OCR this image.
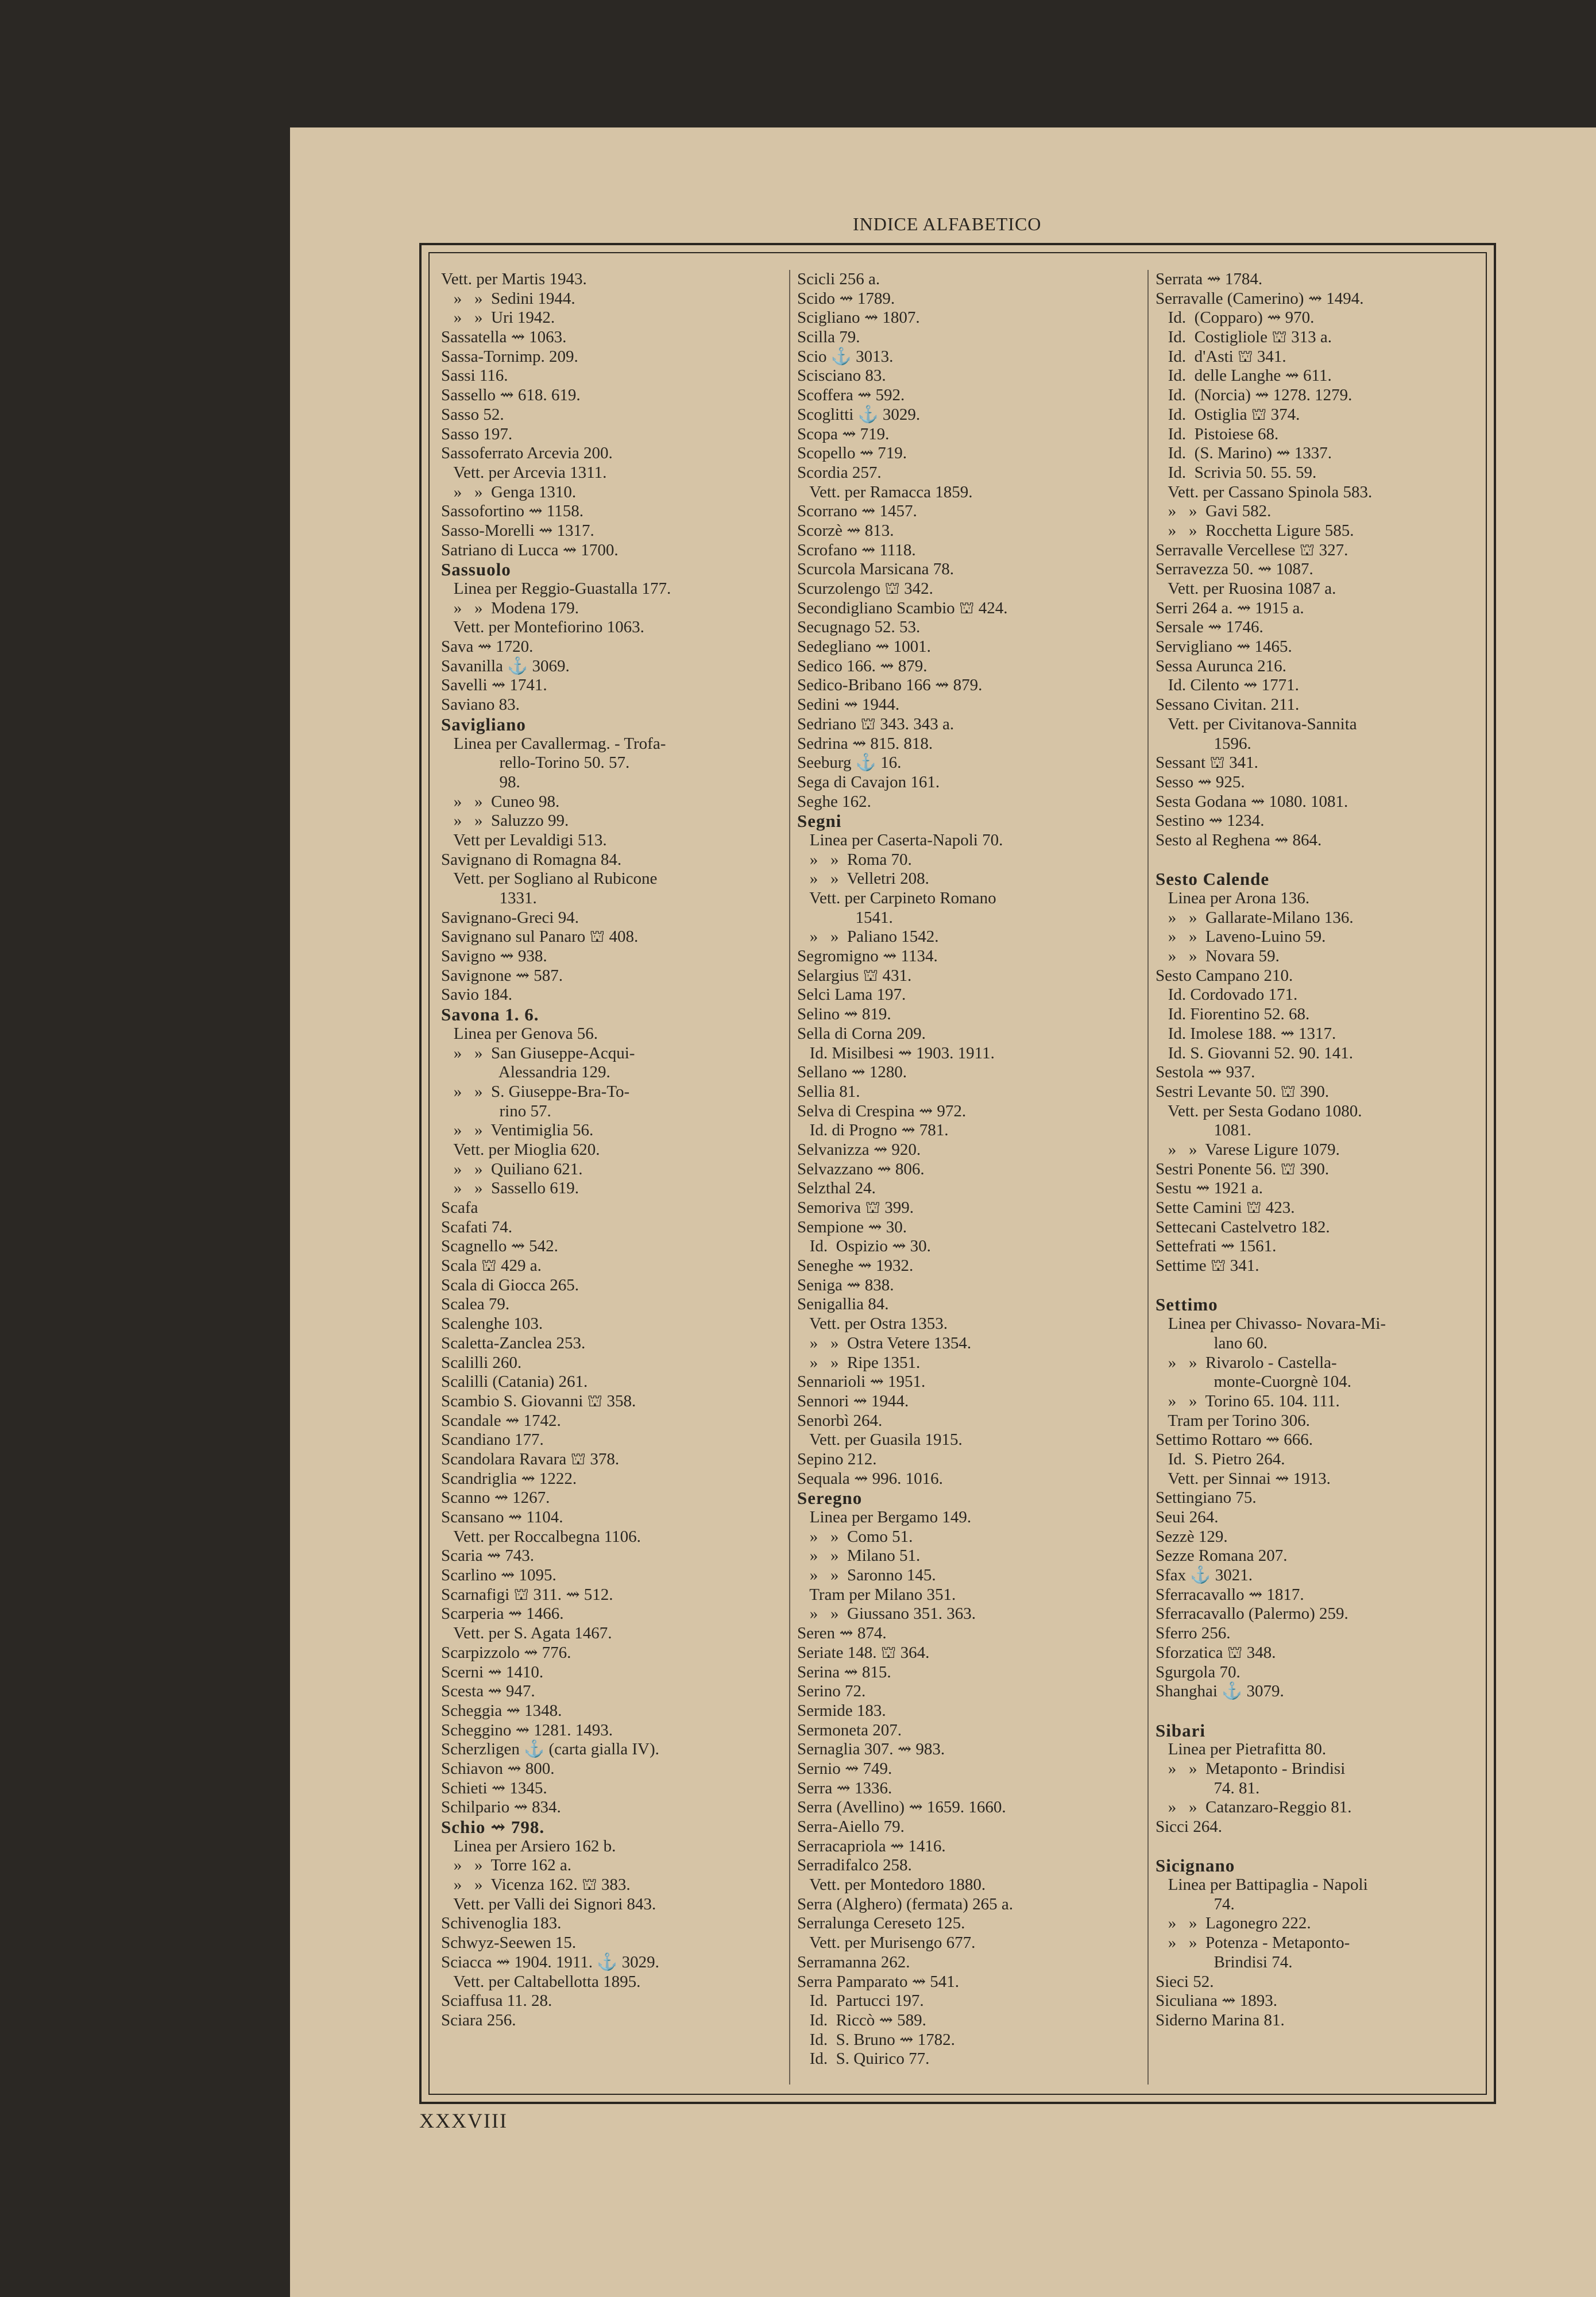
INDICE ALFABETICO
Vett. per Martis 1943.
»   »  Sedini 1944.
»   »  Uri 1942.
Sassatella ⇝ 1063.
Sassa-Tornimp. 209.
Sassi 116.
Sassello ⇝ 618. 619.
Sasso 52.
Sasso 197.
Sassoferrato Arcevia 200.
Vett. per Arcevia 1311.
»   »  Genga 1310.
Sassofortino ⇝ 1158.
Sasso-Morelli ⇝ 1317.
Satriano di Lucca ⇝ 1700.
Sassuolo
Linea per Reggio-Guastalla 177.
»   »  Modena 179.
Vett. per Montefiorino 1063.
Sava ⇝ 1720.
Savanilla ⚓ 3069.
Savelli ⇝ 1741.
Saviano 83.
Savigliano
Linea per Cavallermag. - Trofa-
rello-Torino 50. 57.
98.
»   »  Cuneo 98.
»   »  Saluzzo 99.
Vett per Levaldigi 513.
Savignano di Romagna 84.
Vett. per Sogliano al Rubicone
1331.
Savignano-Greci 94.
Savignano sul Panaro ⛫ 408.
Savigno ⇝ 938.
Savignone ⇝ 587.
Savio 184.
Savona 1. 6.
Linea per Genova 56.
»   »  San Giuseppe-Acqui-
Alessandria 129.
»   »  S. Giuseppe-Bra-To-
rino 57.
»   »  Ventimiglia 56.
Vett. per Mioglia 620.
»   »  Quiliano 621.
»   »  Sassello 619.
Scafa
Scafati 74.
Scagnello ⇝ 542.
Scala ⛫ 429 a.
Scala di Giocca 265.
Scalea 79.
Scalenghe 103.
Scaletta-Zanclea 253.
Scalilli 260.
Scalilli (Catania) 261.
Scambio S. Giovanni ⛫ 358.
Scandale ⇝ 1742.
Scandiano 177.
Scandolara Ravara ⛫ 378.
Scandriglia ⇝ 1222.
Scanno ⇝ 1267.
Scansano ⇝ 1104.
Vett. per Roccalbegna 1106.
Scaria ⇝ 743.
Scarlino ⇝ 1095.
Scarnafigi ⛫ 311. ⇝ 512.
Scarperia ⇝ 1466.
Vett. per S. Agata 1467.
Scarpizzolo ⇝ 776.
Scerni ⇝ 1410.
Scesta ⇝ 947.
Scheggia ⇝ 1348.
Scheggino ⇝ 1281. 1493.
Scherzligen ⚓ (carta gialla IV).
Schiavon ⇝ 800.
Schieti ⇝ 1345.
Schilpario ⇝ 834.
Schio ⇝ 798.
Linea per Arsiero 162 b.
»   »  Torre 162 a.
»   »  Vicenza 162. ⛫ 383.
Vett. per Valli dei Signori 843.
Schivenoglia 183.
Schwyz-Seewen 15.
Sciacca ⇝ 1904. 1911. ⚓ 3029.
Vett. per Caltabellotta 1895.
Sciaffusa 11. 28.
Sciara 256.
Scicli 256 a.
Scido ⇝ 1789.
Scigliano ⇝ 1807.
Scilla 79.
Scio ⚓ 3013.
Scisciano 83.
Scoffera ⇝ 592.
Scoglitti ⚓ 3029.
Scopa ⇝ 719.
Scopello ⇝ 719.
Scordia 257.
Vett. per Ramacca 1859.
Scorrano ⇝ 1457.
Scorzè ⇝ 813.
Scrofano ⇝ 1118.
Scurcola Marsicana 78.
Scurzolengo ⛫ 342.
Secondigliano Scambio ⛫ 424.
Secugnago 52. 53.
Sedegliano ⇝ 1001.
Sedico 166. ⇝ 879.
Sedico-Bribano 166 ⇝ 879.
Sedini ⇝ 1944.
Sedriano ⛫ 343. 343 a.
Sedrina ⇝ 815. 818.
Seeburg ⚓ 16.
Sega di Cavajon 161.
Seghe 162.
Segni
Linea per Caserta-Napoli 70.
»   »  Roma 70.
»   »  Velletri 208.
Vett. per Carpineto Romano
1541.
»   »  Paliano 1542.
Segromigno ⇝ 1134.
Selargius ⛫ 431.
Selci Lama 197.
Selino ⇝ 819.
Sella di Corna 209.
Id. Misilbesi ⇝ 1903. 1911.
Sellano ⇝ 1280.
Sellia 81.
Selva di Crespina ⇝ 972.
Id. di Progno ⇝ 781.
Selvanizza ⇝ 920.
Selvazzano ⇝ 806.
Selzthal 24.
Semoriva ⛫ 399.
Sempione ⇝ 30.
Id.  Ospizio ⇝ 30.
Seneghe ⇝ 1932.
Seniga ⇝ 838.
Senigallia 84.
Vett. per Ostra 1353.
»   »  Ostra Vetere 1354.
»   »  Ripe 1351.
Sennarioli ⇝ 1951.
Sennori ⇝ 1944.
Senorbì 264.
Vett. per Guasila 1915.
Sepino 212.
Sequala ⇝ 996. 1016.
Seregno
Linea per Bergamo 149.
»   »  Como 51.
»   »  Milano 51.
»   »  Saronno 145.
Tram per Milano 351.
»   »  Giussano 351. 363.
Seren ⇝ 874.
Seriate 148. ⛫ 364.
Serina ⇝ 815.
Serino 72.
Sermide 183.
Sermoneta 207.
Sernaglia 307. ⇝ 983.
Sernio ⇝ 749.
Serra ⇝ 1336.
Serra (Avellino) ⇝ 1659. 1660.
Serra-Aiello 79.
Serracapriola ⇝ 1416.
Serradifalco 258.
Vett. per Montedoro 1880.
Serra (Alghero) (fermata) 265 a.
Serralunga Cereseto 125.
Vett. per Murisengo 677.
Serramanna 262.
Serra Pamparato ⇝ 541.
Id.  Partucci 197.
Id.  Riccò ⇝ 589.
Id.  S. Bruno ⇝ 1782.
Id.  S. Quirico 77.
Serrata ⇝ 1784.
Serravalle (Camerino) ⇝ 1494.
Id.  (Copparo) ⇝ 970.
Id.  Costigliole ⛫ 313 a.
Id.  d'Asti ⛫ 341.
Id.  delle Langhe ⇝ 611.
Id.  (Norcia) ⇝ 1278. 1279.
Id.  Ostiglia ⛫ 374.
Id.  Pistoiese 68.
Id.  (S. Marino) ⇝ 1337.
Id.  Scrivia 50. 55. 59.
Vett. per Cassano Spinola 583.
»   »  Gavi 582.
»   »  Rocchetta Ligure 585.
Serravalle Vercellese ⛫ 327.
Serravezza 50. ⇝ 1087.
Vett. per Ruosina 1087 a.
Serri 264 a. ⇝ 1915 a.
Sersale ⇝ 1746.
Servigliano ⇝ 1465.
Sessa Aurunca 216.
Id. Cilento ⇝ 1771.
Sessano Civitan. 211.
Vett. per Civitanova-Sannita
1596.
Sessant ⛫ 341.
Sesso ⇝ 925.
Sesta Godana ⇝ 1080. 1081.
Sestino ⇝ 1234.
Sesto al Reghena ⇝ 864.
Sesto Calende
Linea per Arona 136.
»   »  Gallarate-Milano 136.
»   »  Laveno-Luino 59.
»   »  Novara 59.
Sesto Campano 210.
Id. Cordovado 171.
Id. Fiorentino 52. 68.
Id. Imolese 188. ⇝ 1317.
Id. S. Giovanni 52. 90. 141.
Sestola ⇝ 937.
Sestri Levante 50. ⛫ 390.
Vett. per Sesta Godano 1080.
1081.
»   »  Varese Ligure 1079.
Sestri Ponente 56. ⛫ 390.
Sestu ⇝ 1921 a.
Sette Camini ⛫ 423.
Settecani Castelvetro 182.
Settefrati ⇝ 1561.
Settime ⛫ 341.
Settimo
Linea per Chivasso- Novara-Mi-
lano 60.
»   »  Rivarolo - Castella-
monte-Cuorgnè 104.
»   »  Torino 65. 104. 111.
Tram per Torino 306.
Settimo Rottaro ⇝ 666.
Id.  S. Pietro 264.
Vett. per Sinnai ⇝ 1913.
Settingiano 75.
Seui 264.
Sezzè 129.
Sezze Romana 207.
Sfax ⚓ 3021.
Sferracavallo ⇝ 1817.
Sferracavallo (Palermo) 259.
Sferro 256.
Sforzatica ⛫ 348.
Sgurgola 70.
Shanghai ⚓ 3079.
Sibari
Linea per Pietrafitta 80.
»   »  Metaponto - Brindisi
74. 81.
»   »  Catanzaro-Reggio 81.
Sicci 264.
Sicignano
Linea per Battipaglia - Napoli
74.
»   »  Lagonegro 222.
»   »  Potenza - Metaponto-
Brindisi 74.
Sieci 52.
Siculiana ⇝ 1893.
Siderno Marina 81.
XXXVIII
